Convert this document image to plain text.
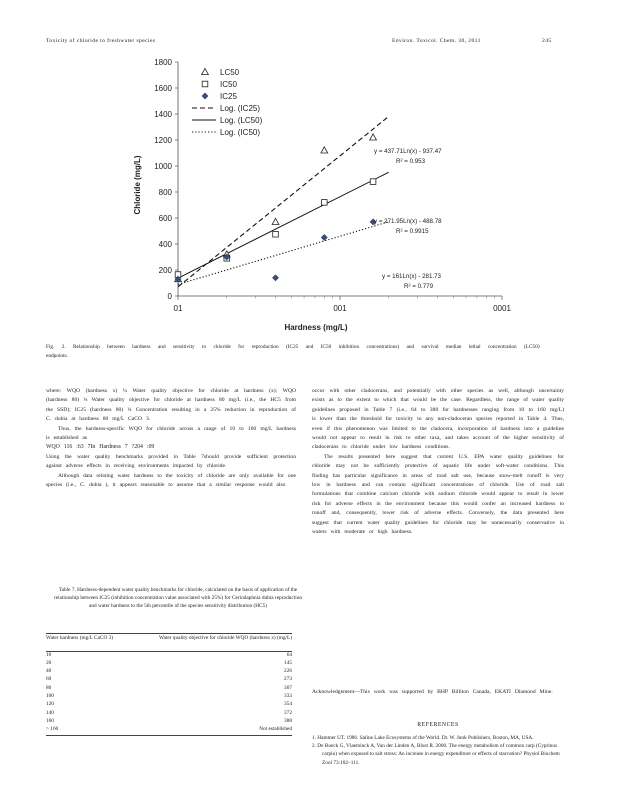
Toxicity of chloride to freshwater species	Environ. Toxicol. Chem. 30, 2011	245
0
200
400
600
800
1000
1200
1400
1600
1800
01	001	0001
LC50
IC50
IC25
Log. (IC25)
Log. (LC50)
Log. (IC50)
y = 437.71Ln(x) - 937.47
R² = 0.953
y = 271.95Ln(x) - 488.78
R² = 0.9915
y = 161Ln(x) - 281.73
R² = 0.779
Chloride (mg/L)
Hardness (mg/L)
Fig. 2. Relationship between hardness and sensitivity to chloride for reproduction (IC25 and IC50 inhibition concentrations) and survival median lethal concentration (LC50) endpoints.

where: WQO (hardness x) ¼ Water quality objective for chloride at hardness (x); WQO (hardness 80) ¼ Water quality objective for chloride at hardness 80 mg/L (i.e., the HC5 from the SSD); IC25 (hardness 80) ¼ Concentration resulting in a 25% reduction in reproduction of C. dubia at hardness 80 mg/L CaCO 3.

Thus, the hardness-specific WQO for chloride across a range of 10 to 160 mg/L hardness is established as

WQO 116 :63 7In Hardness 7 ?204 :09

Using the water quality benchmarks provided in Table 7should provide sufficient protection against adverse effects in receiving environments impacted by chloride.

Although data relating water hardness to the toxicity of chloride are only available for one species (i.e., C. dubia ), it appears reasonable to assume that a similar response would also

Table 7. Hardness-dependent water quality benchmarks for chloride, calculated on the basis of application of the relationship between IC25 (inhibition concentration value associated with 25%) for Ceriodaphnia dubia reproduction and water hardness to the 5th percentile of the species sensitivity distribution (HC5)
Water hardness (mg/L CaCO 3)	Water quality objective for chloride WQO (hardness x) (mg/L)

10	64
20	145
40	226
60	273
80	307
100	333
120	354
140	372
160	388
> 160	Not established

occur with other cladocerans, and potentially with other species as well, although uncertainty exists as to the extent to which that would be the case. Regardless, the range of water quality guidelines proposed in Table 7 (i.e., 64 to 388 for hardnesses ranging from 10 to 160 mg/L) is lower than the threshold for toxicity to any non-cladoceran species reported in Table 4. Thus, even if this phenomenon was limited to the cladocera, incorporation of hardness into a guideline would not appear to result in risk to other taxa, and takes account of the higher sensitivity of cladocerans to chloride under low hardness conditions.

The results presented here suggest that current U.S. EPA water quality guidelines for chloride may not be sufficiently protective of aquatic life under soft-water conditions. This finding has particular significance in areas of road salt use, because snow-melt runoff is very low in hardness and can contain significant concentrations of chloride. Use of road salt formulations that combine calcium chloride with sodium chloride would appear to result in lower risk for adverse effects in the environment because this would confer an increased hardness to runoff and, consequently, lower risk of adverse effects. Conversely, the data presented here suggest that current water quality guidelines for chloride may be unnecessarily conservative in waters with moderate or high hardness.

Acknowledgement—This work was supported by BHP Billiton Canada, EKATI Diamond Mine.
REFERENCES
1. Hammer UT. 1986. Saline Lake Ecosystems of the World. Dr. W. Junk Publishers, Boston, MA, USA.
2. De Boeck G, Vlaeminck A, Van der Linden A, Blust R. 2000. The energy metabolism of common carp (Cyprinus carpio) when exposed to salt stress: An increase in energy expenditure or effects of starvation? Physiol Biochem Zool 73:102–111.
